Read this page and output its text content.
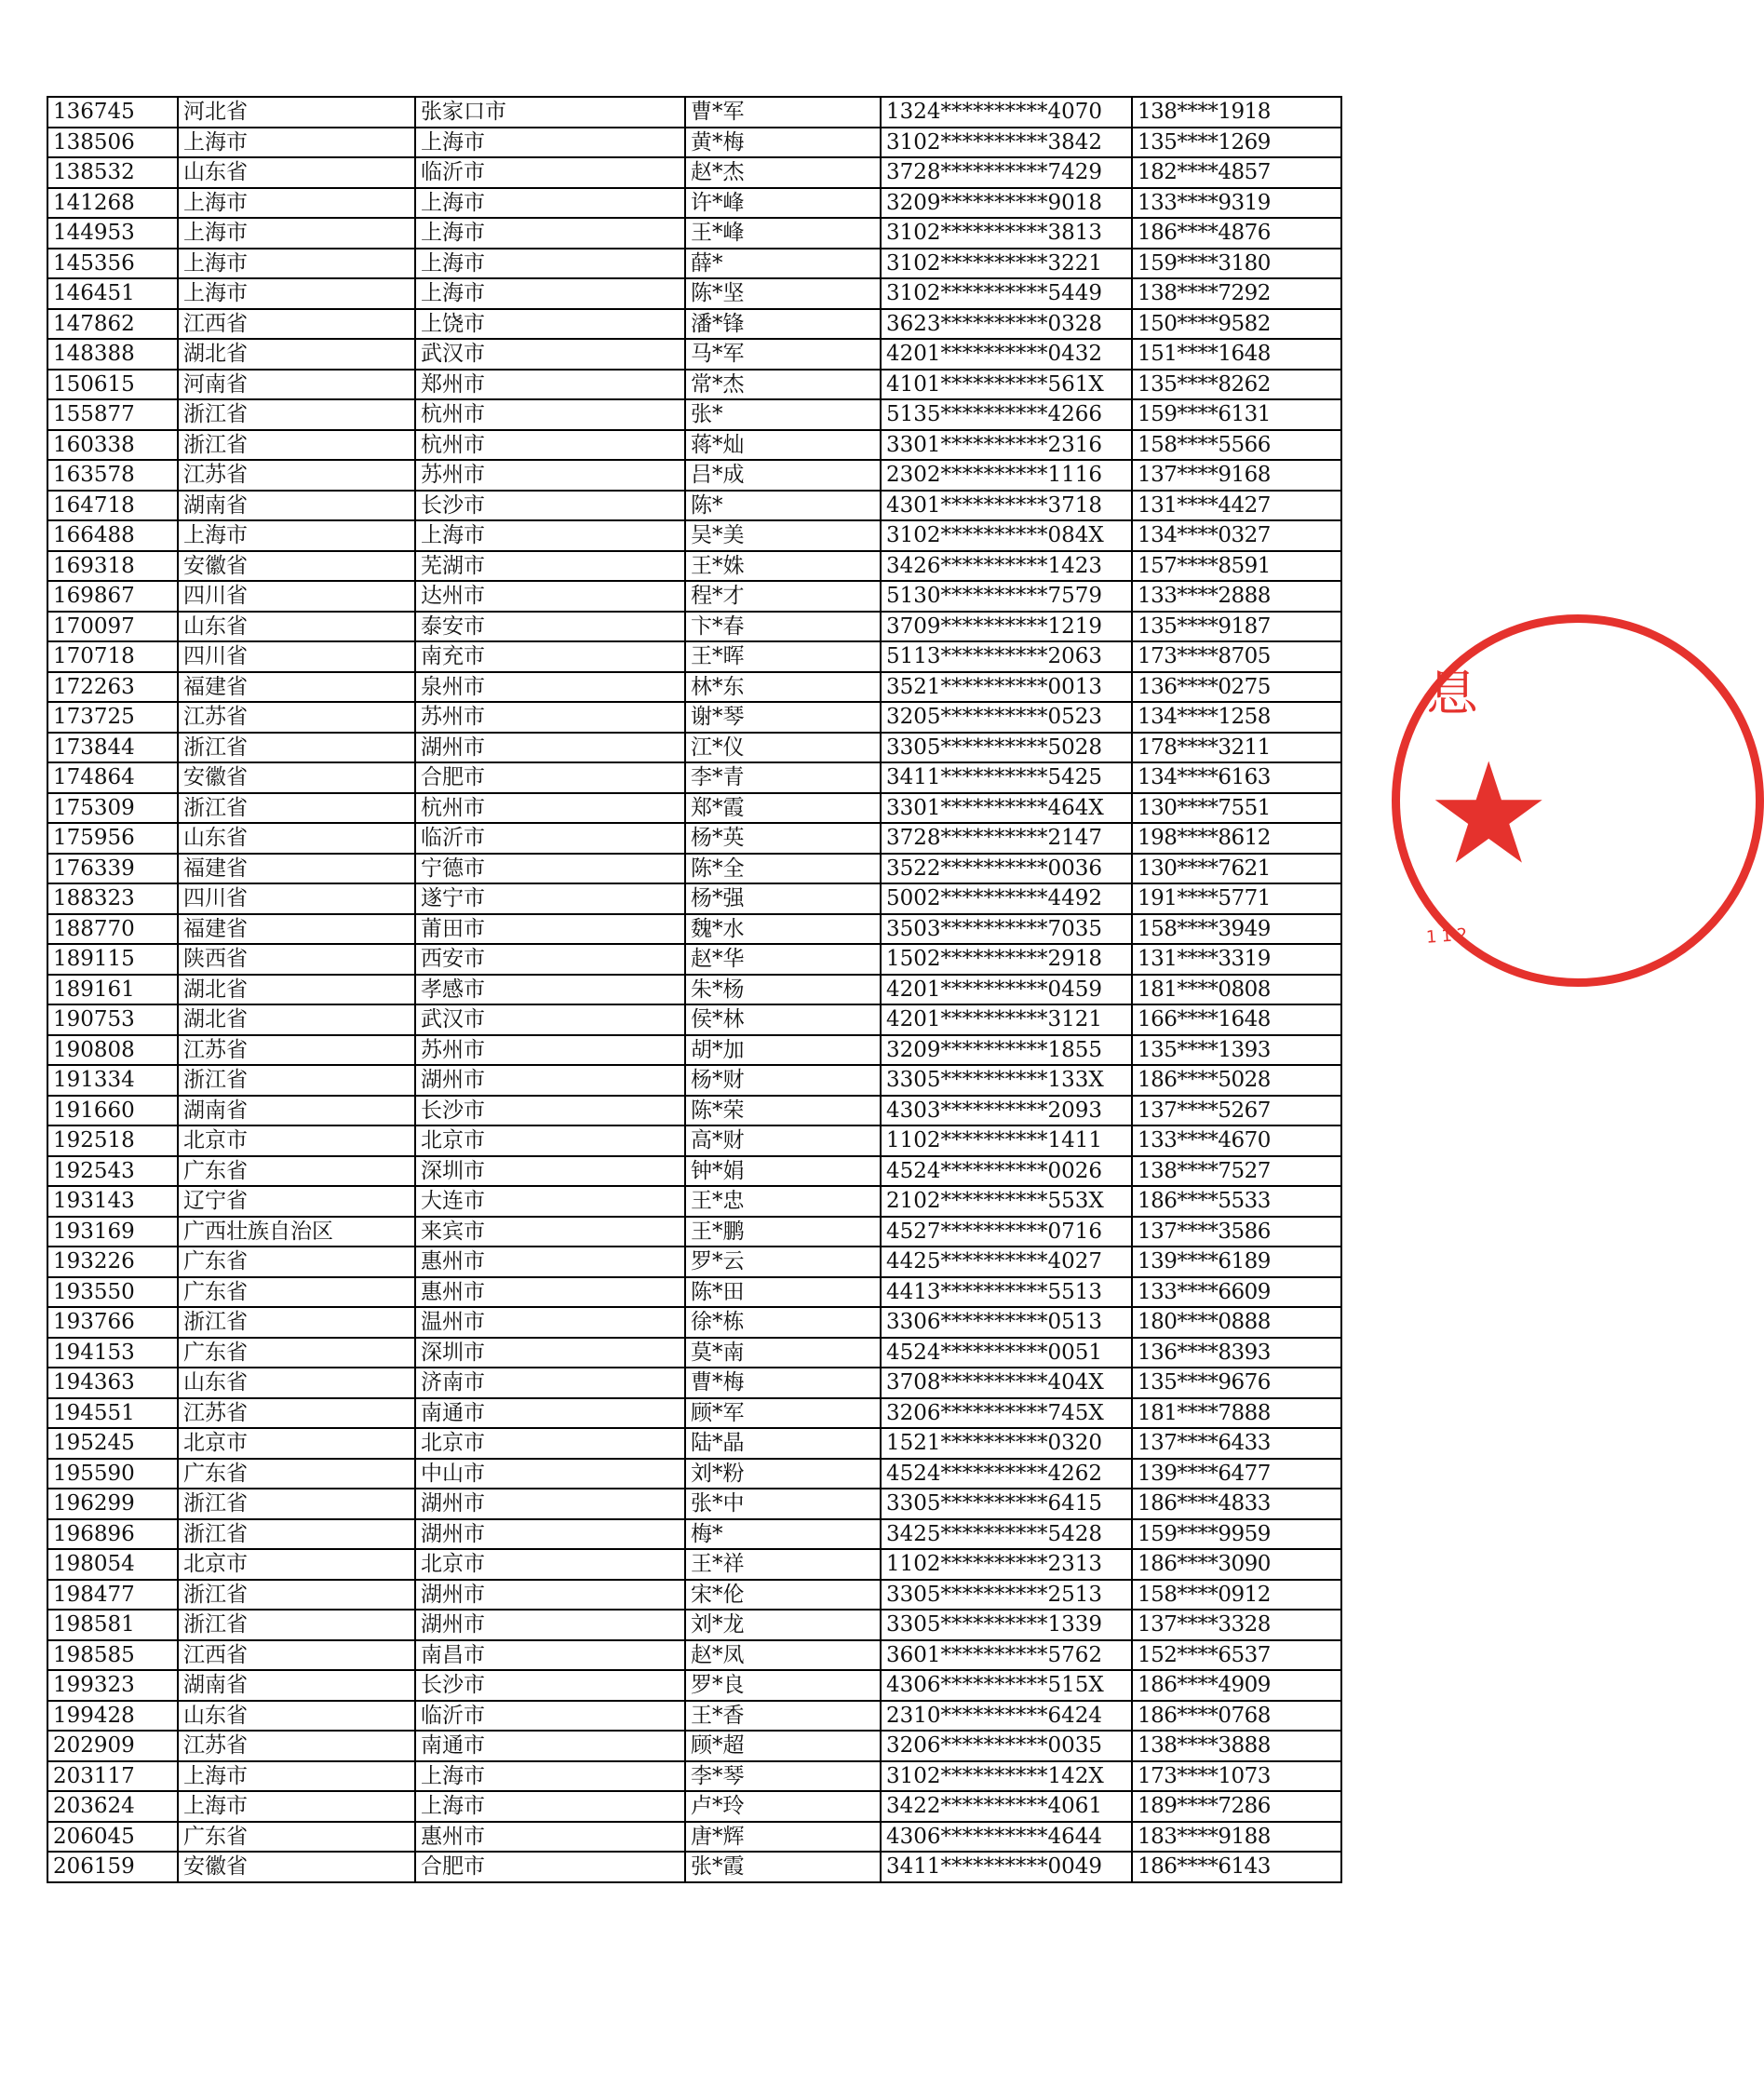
136745	河北省	张家口市	曹*军	1324**********4070	138****1918
138506	上海市	上海市	黄*梅	3102**********3842	135****1269
138532	山东省	临沂市	赵*杰	3728**********7429	182****4857
141268	上海市	上海市	许*峰	3209**********9018	133****9319
144953	上海市	上海市	王*峰	3102**********3813	186****4876
145356	上海市	上海市	薛*	3102**********3221	159****3180
146451	上海市	上海市	陈*坚	3102**********5449	138****7292
147862	江西省	上饶市	潘*锋	3623**********0328	150****9582
148388	湖北省	武汉市	马*军	4201**********0432	151****1648
150615	河南省	郑州市	常*杰	4101**********561X	135****8262
155877	浙江省	杭州市	张*	5135**********4266	159****6131
160338	浙江省	杭州市	蒋*灿	3301**********2316	158****5566
163578	江苏省	苏州市	吕*成	2302**********1116	137****9168
164718	湖南省	长沙市	陈*	4301**********3718	131****4427
166488	上海市	上海市	吴*美	3102**********084X	134****0327
169318	安徽省	芜湖市	王*姝	3426**********1423	157****8591
169867	四川省	达州市	程*才	5130**********7579	133****2888
170097	山东省	泰安市	卞*春	3709**********1219	135****9187
170718	四川省	南充市	王*晖	5113**********2063	173****8705
172263	福建省	泉州市	林*东	3521**********0013	136****0275
173725	江苏省	苏州市	谢*琴	3205**********0523	134****1258
173844	浙江省	湖州市	江*仪	3305**********5028	178****3211
174864	安徽省	合肥市	李*青	3411**********5425	134****6163
175309	浙江省	杭州市	郑*霞	3301**********464X	130****7551
175956	山东省	临沂市	杨*英	3728**********2147	198****8612
176339	福建省	宁德市	陈*全	3522**********0036	130****7621
188323	四川省	遂宁市	杨*强	5002**********4492	191****5771
188770	福建省	莆田市	魏*水	3503**********7035	158****3949
189115	陕西省	西安市	赵*华	1502**********2918	131****3319
189161	湖北省	孝感市	朱*杨	4201**********0459	181****0808
190753	湖北省	武汉市	侯*林	4201**********3121	166****1648
190808	江苏省	苏州市	胡*加	3209**********1855	135****1393
191334	浙江省	湖州市	杨*财	3305**********133X	186****5028
191660	湖南省	长沙市	陈*荣	4303**********2093	137****5267
192518	北京市	北京市	高*财	1102**********1411	133****4670
192543	广东省	深圳市	钟*娟	4524**********0026	138****7527
193143	辽宁省	大连市	王*忠	2102**********553X	186****5533
193169	广西壮族自治区	来宾市	王*鹏	4527**********0716	137****3586
193226	广东省	惠州市	罗*云	4425**********4027	139****6189
193550	广东省	惠州市	陈*田	4413**********5513	133****6609
193766	浙江省	温州市	徐*栋	3306**********0513	180****0888
194153	广东省	深圳市	莫*南	4524**********0051	136****8393
194363	山东省	济南市	曹*梅	3708**********404X	135****9676
194551	江苏省	南通市	顾*军	3206**********745X	181****7888
195245	北京市	北京市	陆*晶	1521**********0320	137****6433
195590	广东省	中山市	刘*粉	4524**********4262	139****6477
196299	浙江省	湖州市	张*中	3305**********6415	186****4833
196896	浙江省	湖州市	梅*	3425**********5428	159****9959
198054	北京市	北京市	王*祥	1102**********2313	186****3090
198477	浙江省	湖州市	宋*伦	3305**********2513	158****0912
198581	浙江省	湖州市	刘*龙	3305**********1339	137****3328
198585	江西省	南昌市	赵*凤	3601**********5762	152****6537
199323	湖南省	长沙市	罗*良	4306**********515X	186****4909
199428	山东省	临沂市	王*香	2310**********6424	186****0768
202909	江苏省	南通市	顾*超	3206**********0035	138****3888
203117	上海市	上海市	李*琴	3102**********142X	173****1073
203624	上海市	上海市	卢*玲	3422**********4061	189****7286
206045	广东省	惠州市	唐*辉	4306**********4644	183****9188
206159	安徽省	合肥市	张*霞	3411**********0049	186****6143
息
★
112
